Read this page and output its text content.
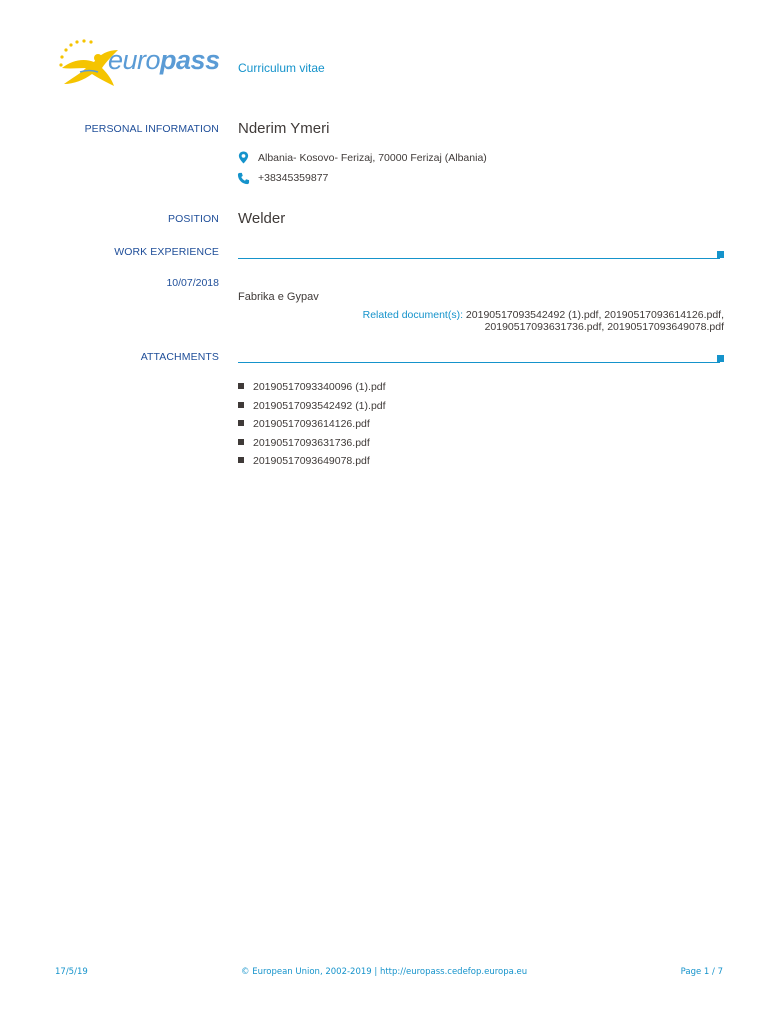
europass Curriculum vitae
PERSONAL INFORMATION Nderim Ymeri
Albania- Kosovo- Ferizaj, 70000 Ferizaj (Albania)
+38345359877
POSITION Welder
WORK EXPERIENCE
10/07/2018
Fabrika e Gypav
Related document(s): 20190517093542492 (1).pdf, 20190517093614126.pdf, 20190517093631736.pdf, 20190517093649078.pdf
ATTACHMENTS
20190517093340096 (1).pdf
20190517093542492 (1).pdf
20190517093614126.pdf
20190517093631736.pdf
20190517093649078.pdf
17/5/19	© European Union, 2002-2019 | http://europass.cedefop.europa.eu	Page 1 / 7
